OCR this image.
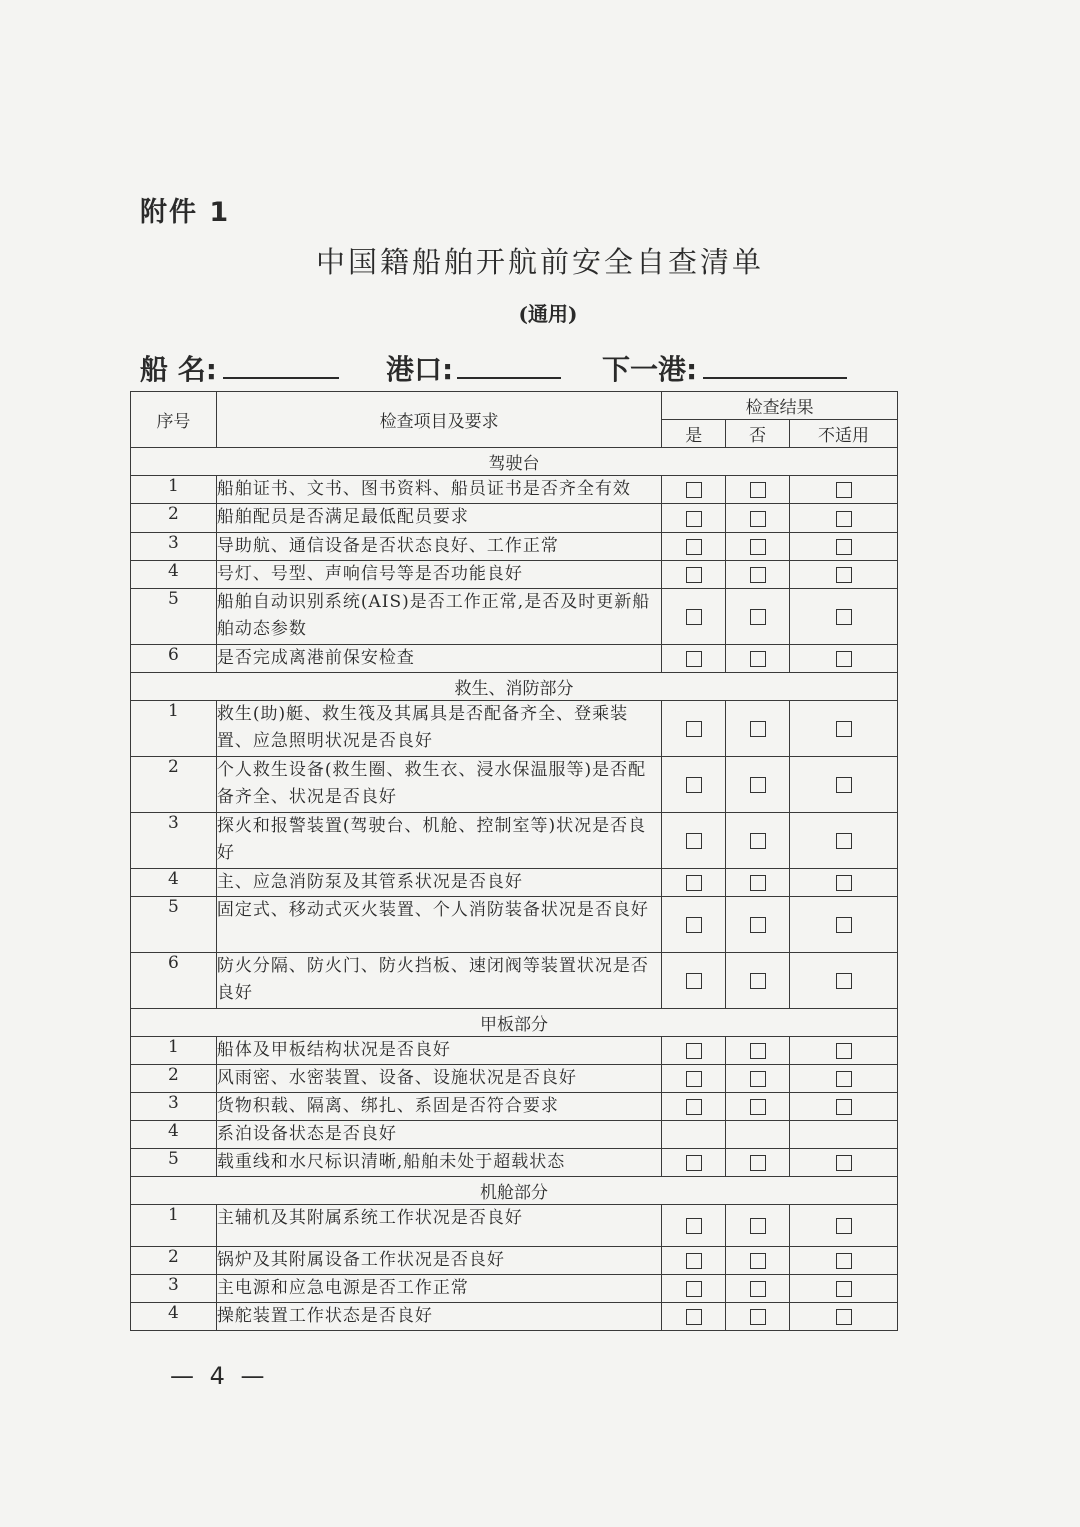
附件 1
中国籍船舶开航前安全自查清单
(通用)
船 名:	港口:	下一港:
序号	检查项目及要求	检查结果		
		是	否	不适用
驾驶台				
1	船舶证书、文书、图书资料、船员证书是否齐全有效			
2	船舶配员是否满足最低配员要求			
3	导助航、通信设备是否状态良好、工作正常			
4	号灯、号型、声响信号等是否功能良好			
5	船舶自动识别系统(AIS)是否工作正常,是否及时更新船舶动态参数			
6	是否完成离港前保安检查			
救生、消防部分				
1	救生(助)艇、救生筏及其属具是否配备齐全、登乘装置、应急照明状况是否良好			
2	个人救生设备(救生圈、救生衣、浸水保温服等)是否配备齐全、状况是否良好			
3	探火和报警装置(驾驶台、机舱、控制室等)状况是否良好			
4	主、应急消防泵及其管系状况是否良好			
5	固定式、移动式灭火装置、个人消防装备状况是否良好			
6	防火分隔、防火门、防火挡板、速闭阀等装置状况是否良好			
甲板部分				
1	船体及甲板结构状况是否良好			
2	风雨密、水密装置、设备、设施状况是否良好			
3	货物积载、隔离、绑扎、系固是否符合要求			
4	系泊设备状态是否良好			
5	载重线和水尺标识清晰,船舶未处于超载状态			
机舱部分				
1	主辅机及其附属系统工作状况是否良好			
2	锅炉及其附属设备工作状况是否良好			
3	主电源和应急电源是否工作正常			
4	操舵装置工作状态是否良好			
— 4 —
